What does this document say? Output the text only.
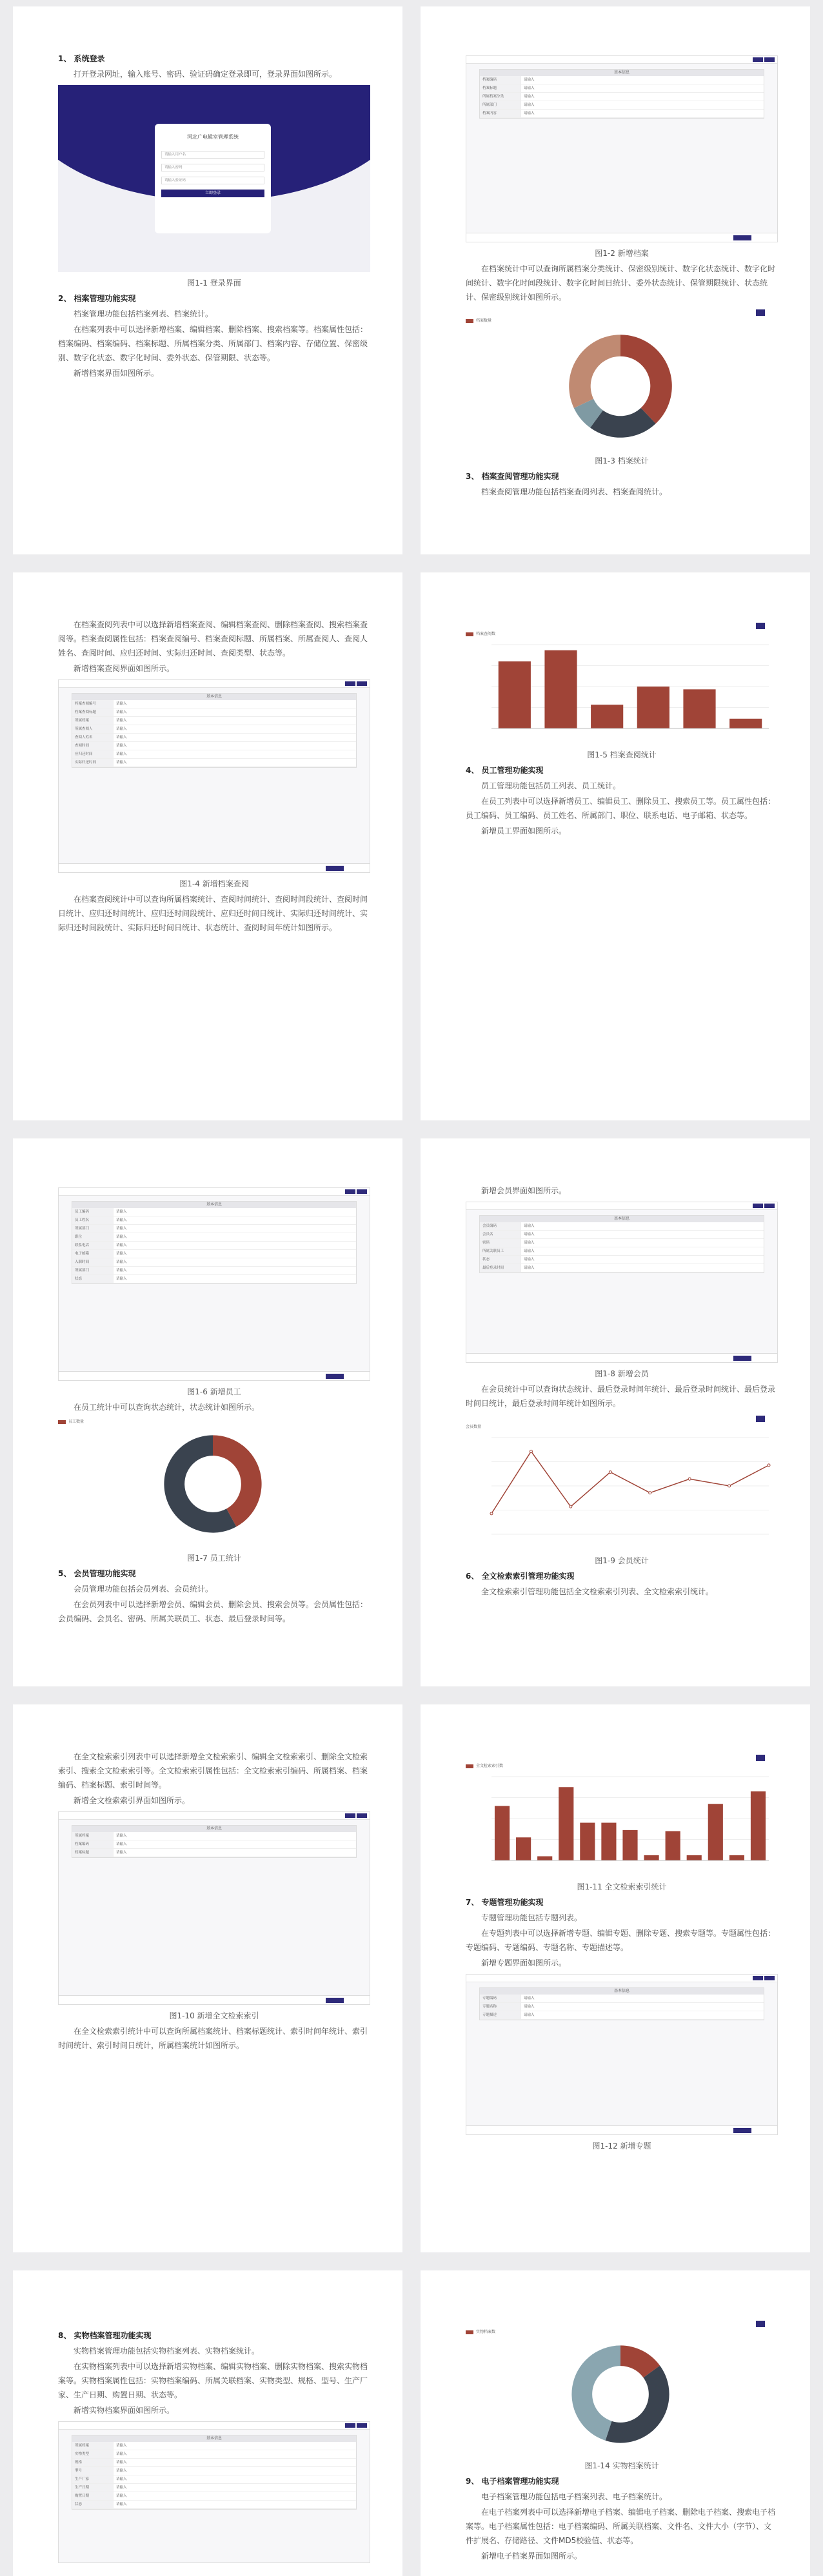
1、 系统登录

打开登录网址，输入账号、密码、验证码确定登录即可，登录界面如图所示。

河北广电辑室管理系统
请输入用户名
请输入密码
请输入验证码
立即登录

图1-1 登录界面

2、 档案管理功能实现

档案管理功能包括档案列表、档案统计。

在档案列表中可以选择新增档案、编辑档案、删除档案、搜索档案等。档案属性包括：档案编码、档案编码、档案标题、所属档案分类、所属部门、档案内容、存储位置、保密级别、数字化状态、数字化时间、委外状态、保管期限、状态等。

新增档案界面如图所示。

基本信息
档案编码	请输入
档案标题	请输入
所属档案分类	请输入
所属部门	请输入
档案内容	请输入

图1-2 新增档案

在档案统计中可以查询所属档案分类统计、保密级别统计、数字化状态统计、数字化时间统计、数字化时间段统计、数字化时间日统计、委外状态统计、保管期限统计、状态统计、保密级别统计如图所示。

档案数量

图1-3 档案统计

3、 档案查阅管理功能实现

档案查阅管理功能包括档案查阅列表、档案查阅统计。

在档案查阅列表中可以选择新增档案查阅、编辑档案查阅、删除档案查阅、搜索档案查阅等。档案查阅属性包括：档案查阅编号、档案查阅标题、所属档案、所属查阅人、查阅人姓名、查阅时间、应归还时间、实际归还时间、查阅类型、状态等。

新增档案查阅界面如图所示。

基本信息
档案查阅编号	请输入
档案查阅标题	请输入
所属档案	请输入
所属查阅人	请输入
查阅人姓名	请输入
查阅时间	请输入
应归还时间	请输入
实际归还时间	请输入

图1-4 新增档案查阅

在档案查阅统计中可以查询所属档案统计、查阅时间统计、查阅时间段统计、查阅时间日统计、应归还时间统计、应归还时间段统计、应归还时间日统计、实际归还时间统计、实际归还时间段统计、实际归还时间日统计、状态统计、查阅时间年统计如图所示。

档案查阅数

图1-5 档案查阅统计

4、 员工管理功能实现

员工管理功能包括员工列表、员工统计。

在员工列表中可以选择新增员工、编辑员工、删除员工、搜索员工等。员工属性包括：员工编码、员工编码、员工姓名、所属部门、职位、联系电话、电子邮箱、状态等。

新增员工界面如图所示。

基本信息
员工编码	请输入
员工姓名	请输入
所属部门	请输入
职位	请输入
联系电话	请输入
电子邮箱	请输入
入职时间	请输入
所属部门	请输入
状态	请输入

图1-6 新增员工

在员工统计中可以查询状态统计，状态统计如图所示。

员工数量

图1-7 员工统计

5、 会员管理功能实现

会员管理功能包括会员列表、会员统计。

在会员列表中可以选择新增会员、编辑会员、删除会员、搜索会员等。会员属性包括：会员编码、会员名、密码、所属关联员工、状态、最后登录时间等。

新增会员界面如图所示。

基本信息
会员编码	请输入
会员名	请输入
密码	请输入
所属关联员工	请输入
状态	请输入
最后登录时间	请输入

图1-8 新增会员

在会员统计中可以查询状态统计、最后登录时间年统计、最后登录时间统计、最后登录时间日统计，最后登录时间年统计如图所示。

会员数量

图1-9 会员统计

6、 全文检索索引管理功能实现

全文检索索引管理功能包括全文检索索引列表、全文检索索引统计。

在全文检索索引列表中可以选择新增全文检索索引、编辑全文检索索引、删除全文检索索引、搜索全文检索索引等。全文检索索引属性包括：全文检索索引编码、所属档案、档案编码、档案标题、索引时间等。

新增全文检索索引界面如图所示。

基本信息
所属档案	请输入
档案编码	请输入
档案标题	请输入

图1-10 新增全文检索索引

在全文检索索引统计中可以查询所属档案统计、档案标题统计、索引时间年统计、索引时间统计、索引时间日统计，所属档案统计如图所示。

全文检索索引数

图1-11 全文检索索引统计

7、 专题管理功能实现

专题管理功能包括专题列表。

在专题列表中可以选择新增专题、编辑专题、删除专题、搜索专题等。专题属性包括：专题编码、专题编码、专题名称、专题描述等。

新增专题界面如图所示。

基本信息
专题编码	请输入
专题名称	请输入
专题描述	请输入

图1-12 新增专题

8、 实物档案管理功能实现

实物档案管理功能包括实物档案列表、实物档案统计。

在实物档案列表中可以选择新增实物档案、编辑实物档案、删除实物档案、搜索实物档案等。实物档案属性包括：实物档案编码、所属关联档案、实物类型、规格、型号、生产厂家、生产日期、购置日期、状态等。

新增实物档案界面如图所示。

基本信息
所属档案	请输入
实物类型	请输入
规格	请输入
型号	请输入
生产厂家	请输入
生产日期	请输入
购置日期	请输入
状态	请输入
实物档案数

图1-14 实物档案统计

9、 电子档案管理功能实现

电子档案管理功能包括电子档案列表、电子档案统计。

在电子档案列表中可以选择新增电子档案、编辑电子档案、删除电子档案、搜索电子档案等。电子档案属性包括：电子档案编码、所属关联档案、文件名、文件大小（字节）、文件扩展名、存储路径、文件MD5校验值、状态等。

新增电子档案界面如图所示。
